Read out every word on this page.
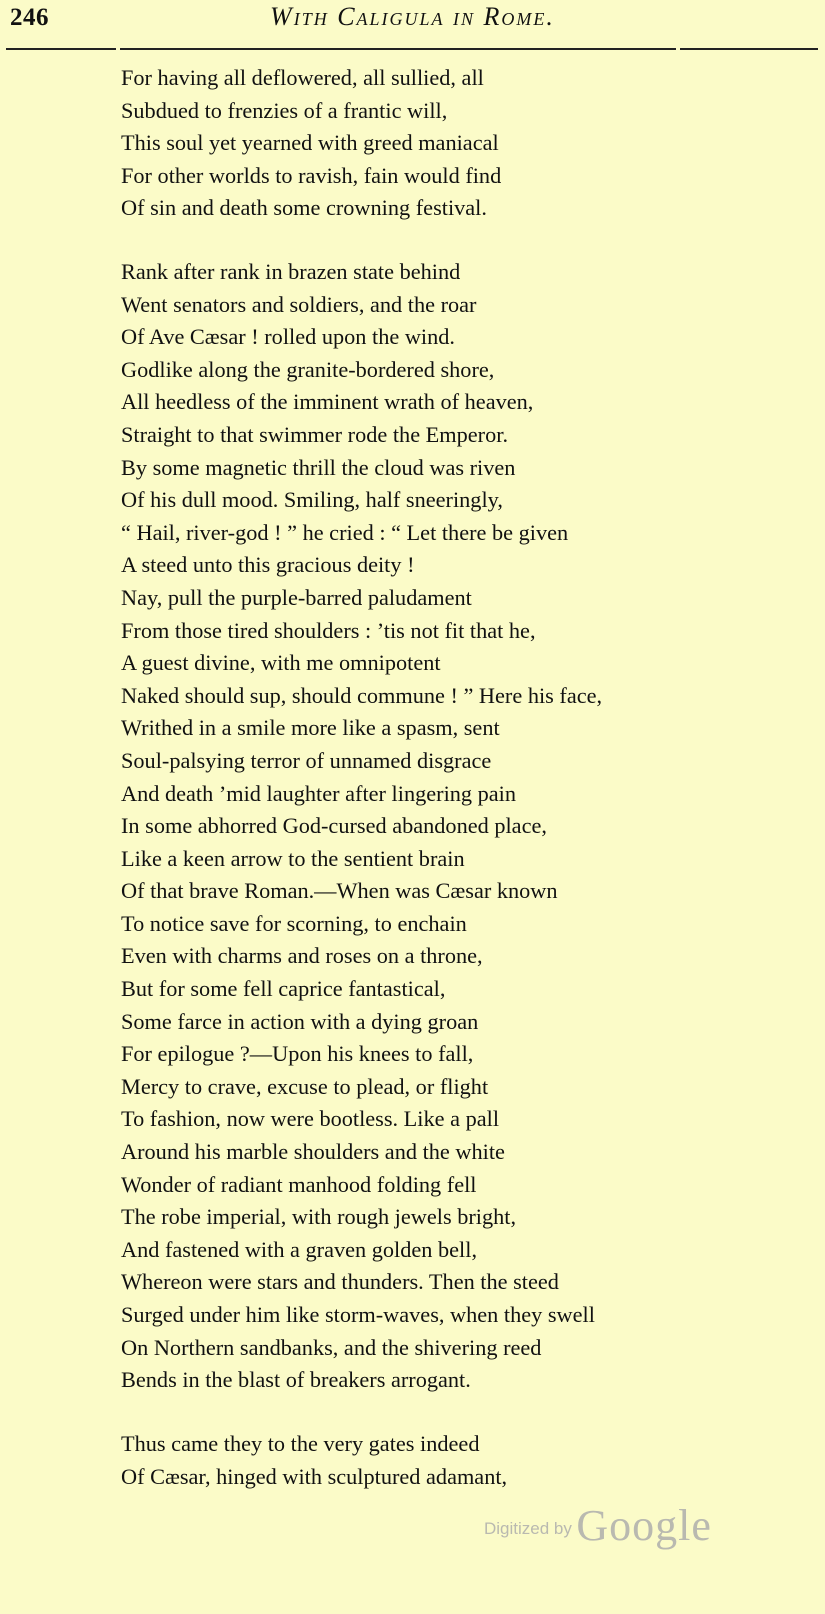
246	With Caligula in Rome.
For having all deflowered, all sullied, all
Subdued to frenzies of a frantic will,
This soul yet yearned with greed maniacal
For other worlds to ravish, fain would find
Of sin and death some crowning festival.
Rank after rank in brazen state behind
Went senators and soldiers, and the roar
Of Ave Cæsar ! rolled upon the wind.
Godlike along the granite-bordered shore,
All heedless of the imminent wrath of heaven,
Straight to that swimmer rode the Emperor.
By some magnetic thrill the cloud was riven
Of his dull mood. Smiling, half sneeringly,
“ Hail, river-god ! ” he cried : “ Let there be given
A steed unto this gracious deity !
Nay, pull the purple-barred paludament
From those tired shoulders : ’tis not fit that he,
A guest divine, with me omnipotent
Naked should sup, should commune ! ” Here his face,
Writhed in a smile more like a spasm, sent
Soul-palsying terror of unnamed disgrace
And death ’mid laughter after lingering pain
In some abhorred God-cursed abandoned place,
Like a keen arrow to the sentient brain
Of that brave Roman.—When was Cæsar known
To notice save for scorning, to enchain
Even with charms and roses on a throne,
But for some fell caprice fantastical,
Some farce in action with a dying groan
For epilogue ?—Upon his knees to fall,
Mercy to crave, excuse to plead, or flight
To fashion, now were bootless. Like a pall
Around his marble shoulders and the white
Wonder of radiant manhood folding fell
The robe imperial, with rough jewels bright,
And fastened with a graven golden bell,
Whereon were stars and thunders. Then the steed
Surged under him like storm-waves, when they swell
On Northern sandbanks, and the shivering reed
Bends in the blast of breakers arrogant.
Thus came they to the very gates indeed
Of Cæsar, hinged with sculptured adamant,
Digitized by Google
